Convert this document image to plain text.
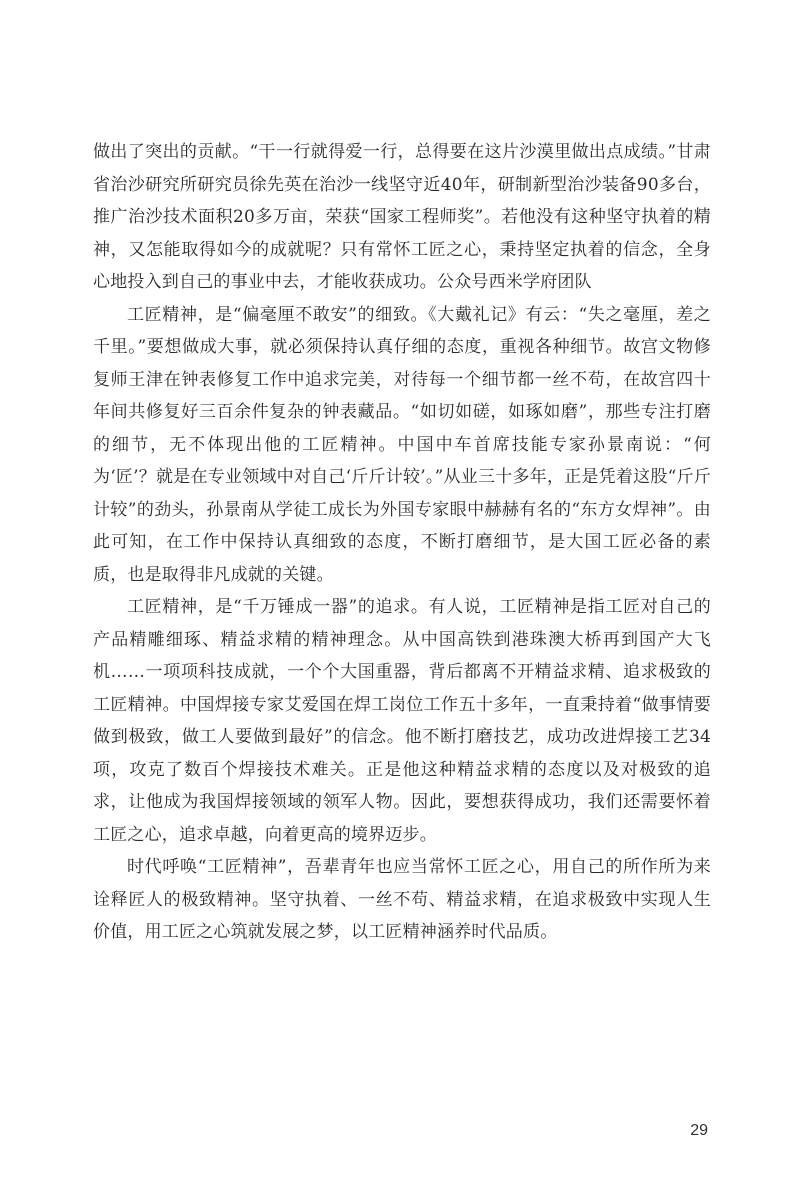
做出了突出的贡献。“干一行就得爱一行，总得要在这片沙漠里做出点成绩。”甘肃省治沙研究所研究员徐先英在治沙一线坚守近40年，研制新型治沙装备90多台，推广治沙技术面积20多万亩，荣获“国家工程师奖”。若他没有这种坚守执着的精神，又怎能取得如今的成就呢？只有常怀工匠之心，秉持坚定执着的信念，全身心地投入到自己的事业中去，才能收获成功。公众号西米学府团队

工匠精神，是“偏毫厘不敢安”的细致。《大戴礼记》有云：“失之毫厘，差之千里。”要想做成大事，就必须保持认真仔细的态度，重视各种细节。故宫文物修复师王津在钟表修复工作中追求完美，对待每一个细节都一丝不苟，在故宫四十年间共修复好三百余件复杂的钟表藏品。“如切如磋，如琢如磨”，那些专注打磨的细节，无不体现出他的工匠精神。中国中车首席技能专家孙景南说：“何为‘匠’？就是在专业领域中对自己‘斤斤计较’。”从业三十多年，正是凭着这股“斤斤计较”的劲头，孙景南从学徒工成长为外国专家眼中赫赫有名的“东方女焊神”。由此可知，在工作中保持认真细致的态度，不断打磨细节，是大国工匠必备的素质，也是取得非凡成就的关键。

工匠精神，是“千万锤成一器”的追求。有人说，工匠精神是指工匠对自己的产品精雕细琢、精益求精的精神理念。从中国高铁到港珠澳大桥再到国产大飞机……一项项科技成就，一个个大国重器，背后都离不开精益求精、追求极致的工匠精神。中国焊接专家艾爱国在焊工岗位工作五十多年，一直秉持着“做事情要做到极致，做工人要做到最好”的信念。他不断打磨技艺，成功改进焊接工艺34项，攻克了数百个焊接技术难关。正是他这种精益求精的态度以及对极致的追求，让他成为我国焊接领域的领军人物。因此，要想获得成功，我们还需要怀着工匠之心，追求卓越，向着更高的境界迈步。

时代呼唤“工匠精神”，吾辈青年也应当常怀工匠之心，用自己的所作所为来诠释匠人的极致精神。坚守执着、一丝不苟、精益求精，在追求极致中实现人生价值，用工匠之心筑就发展之梦，以工匠精神涵养时代品质。

29
